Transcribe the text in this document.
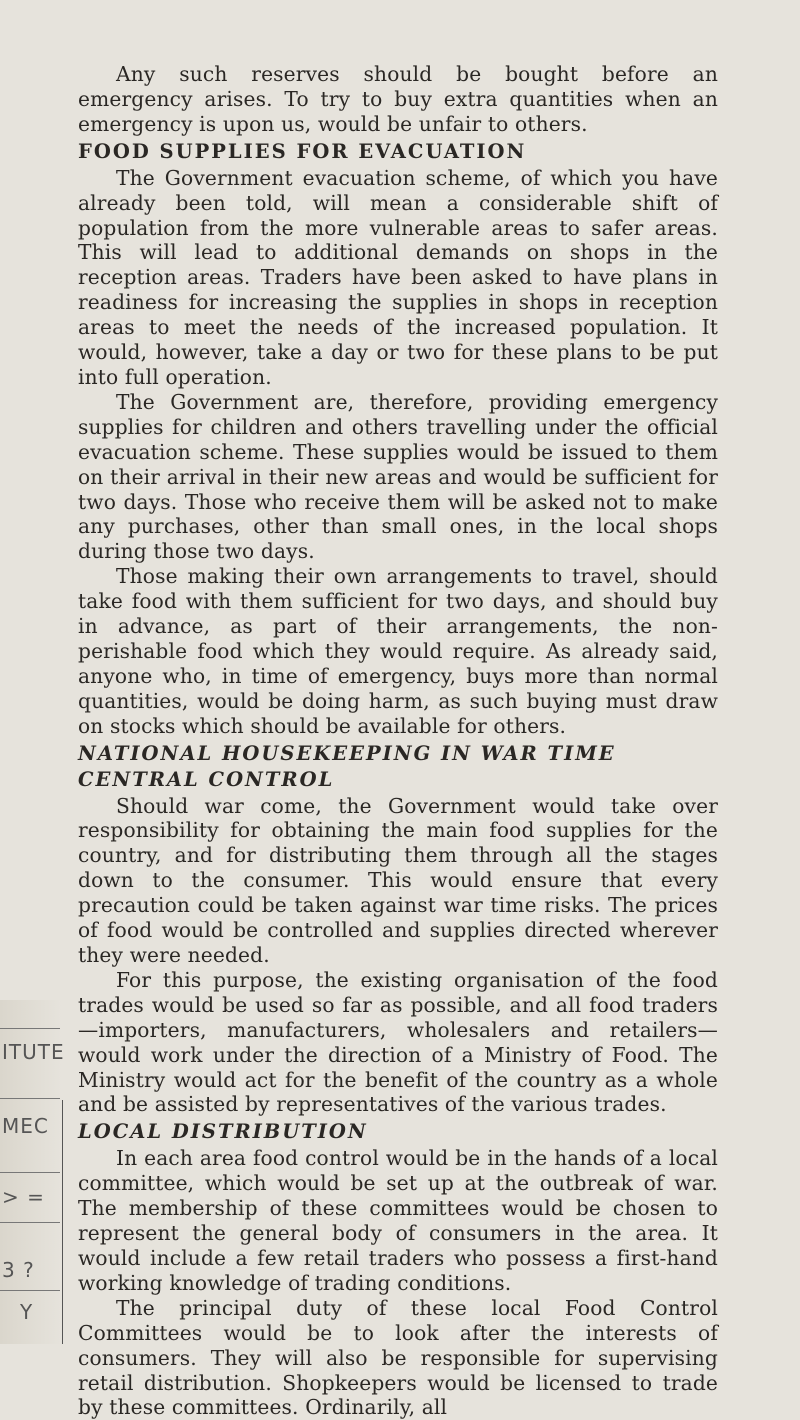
ITUTE
MEC
> =
3 ?
Y

Any such reserves should be bought before an emergency arises. To try to buy extra quantities when an emergency is upon us, would be unfair to others.

FOOD SUPPLIES FOR EVACUATION

The Government evacuation scheme, of which you have already been told, will mean a considerable shift of population from the more vulnerable areas to safer areas. This will lead to additional demands on shops in the reception areas. Traders have been asked to have plans in readiness for increasing the supplies in shops in reception areas to meet the needs of the increased population. It would, however, take a day or two for these plans to be put into full operation.

The Government are, therefore, providing emergency supplies for children and others travelling under the official evacuation scheme. These supplies would be issued to them on their arrival in their new areas and would be sufficient for two days. Those who receive them will be asked not to make any purchases, other than small ones, in the local shops during those two days.

Those making their own arrangements to travel, should take food with them sufficient for two days, and should buy in advance, as part of their arrangements, the non-perishable food which they would require. As already said, anyone who, in time of emergency, buys more than normal quantities, would be doing harm, as such buying must draw on stocks which should be available for others.

NATIONAL HOUSEKEEPING IN WAR TIME
CENTRAL CONTROL

Should war come, the Government would take over responsibility for obtaining the main food supplies for the country, and for distributing them through all the stages down to the consumer. This would ensure that every precaution could be taken against war time risks. The prices of food would be controlled and supplies directed wherever they were needed.

For this purpose, the existing organisation of the food trades would be used so far as possible, and all food traders—importers, manufacturers, wholesalers and retailers—would work under the direction of a Ministry of Food. The Ministry would act for the benefit of the country as a whole and be assisted by representatives of the various trades.

LOCAL DISTRIBUTION

In each area food control would be in the hands of a local committee, which would be set up at the outbreak of war. The membership of these committees would be chosen to represent the general body of consumers in the area. It would include a few retail traders who possess a first-hand working knowledge of trading conditions.

The principal duty of these local Food Control Committees would be to look after the interests of consumers. They will also be responsible for supervising retail distribution. Shopkeepers would be licensed to trade by these committees. Ordinarily, all
